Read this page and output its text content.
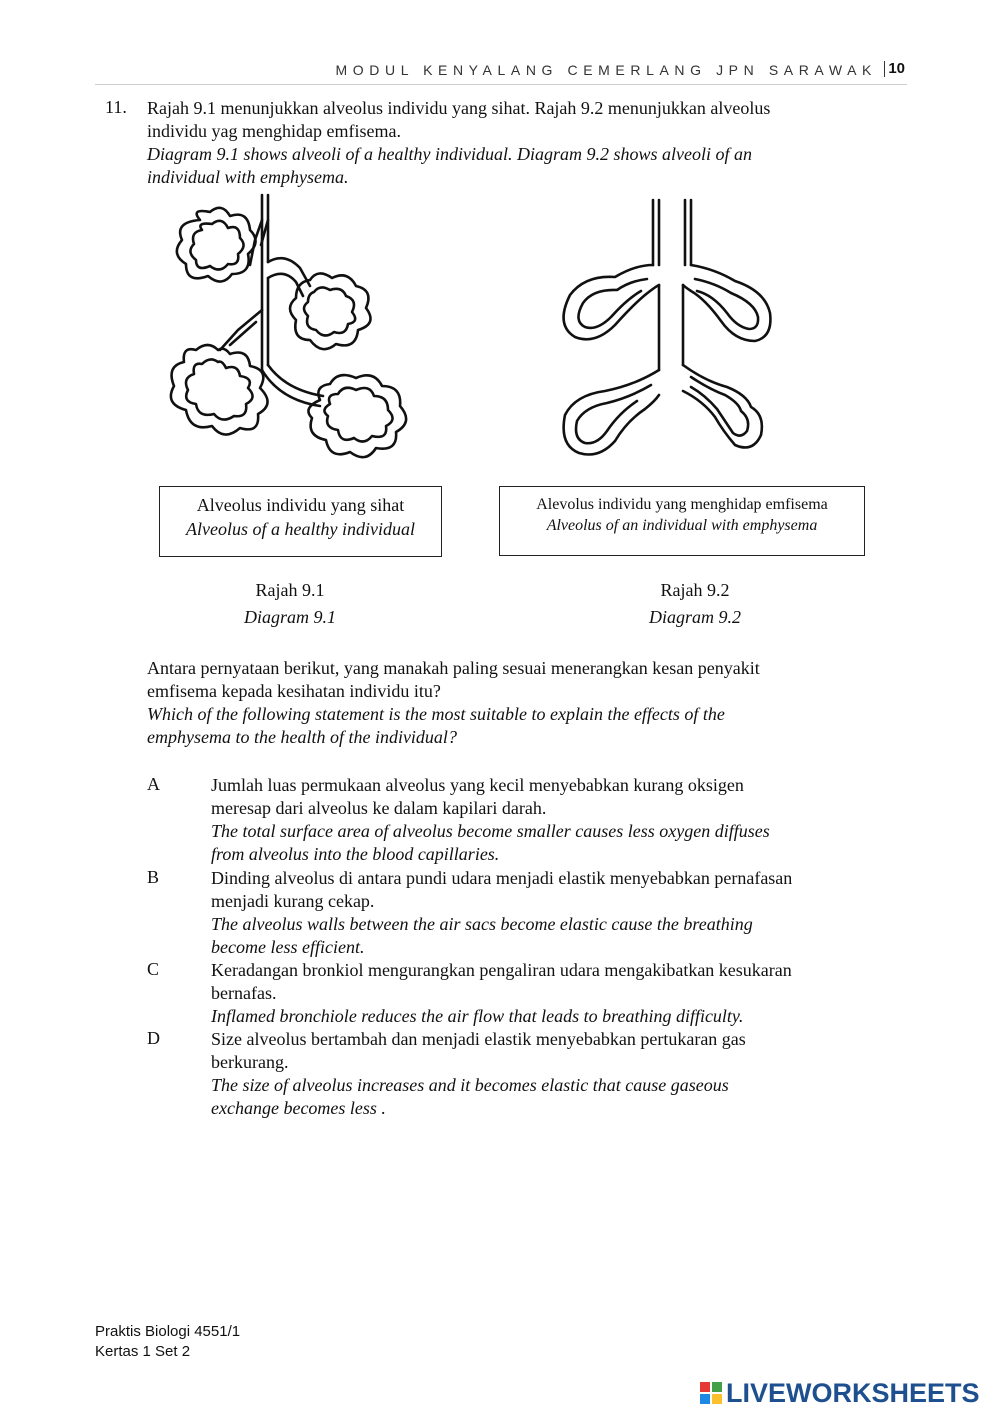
MODUL KENYALANG CEMERLANG JPN SARAWAK 10
11. Rajah 9.1 menunjukkan alveolus individu yang sihat. Rajah 9.2 menunjukkan alveolus
individu yag menghidap emfisema.
Diagram 9.1 shows alveoli of a healthy individual. Diagram 9.2 shows alveoli of an
individual with emphysema.

Alveolus individu yang sihat
Alveolus of a healthy individual
Alevolus individu yang menghidap emfisema
Alveolus of an individual with emphysema
Rajah 9.1
Diagram 9.1
Rajah 9.2
Diagram 9.2

Antara pernyataan berikut, yang manakah paling sesuai menerangkan kesan penyakit
emfisema kepada kesihatan individu itu?
Which of the following statement is the most suitable to explain the effects of the
emphysema to the health of the individual?

A	Jumlah luas permukaan alveolus yang kecil menyebabkan kurang oksigen
meresap dari alveolus ke dalam kapilari darah.
The total surface area of alveolus become smaller causes less oxygen diffuses
from alveolus into the blood capillaries.
B	Dinding alveolus di antara pundi udara menjadi elastik menyebabkan pernafasan
menjadi kurang cekap.
The alveolus walls between the air sacs become elastic cause the breathing
become less efficient.
C	Keradangan bronkiol mengurangkan pengaliran udara mengakibatkan kesukaran
bernafas.
Inflamed bronchiole reduces the air flow that leads to breathing difficulty.
D	Size alveolus bertambah dan menjadi elastik menyebabkan pertukaran gas
berkurang.
The size of alveolus increases and it becomes elastic that cause gaseous
exchange becomes less .
Praktis Biologi 4551/1
Kertas 1 Set 2
LIVEWORKSHEETS
